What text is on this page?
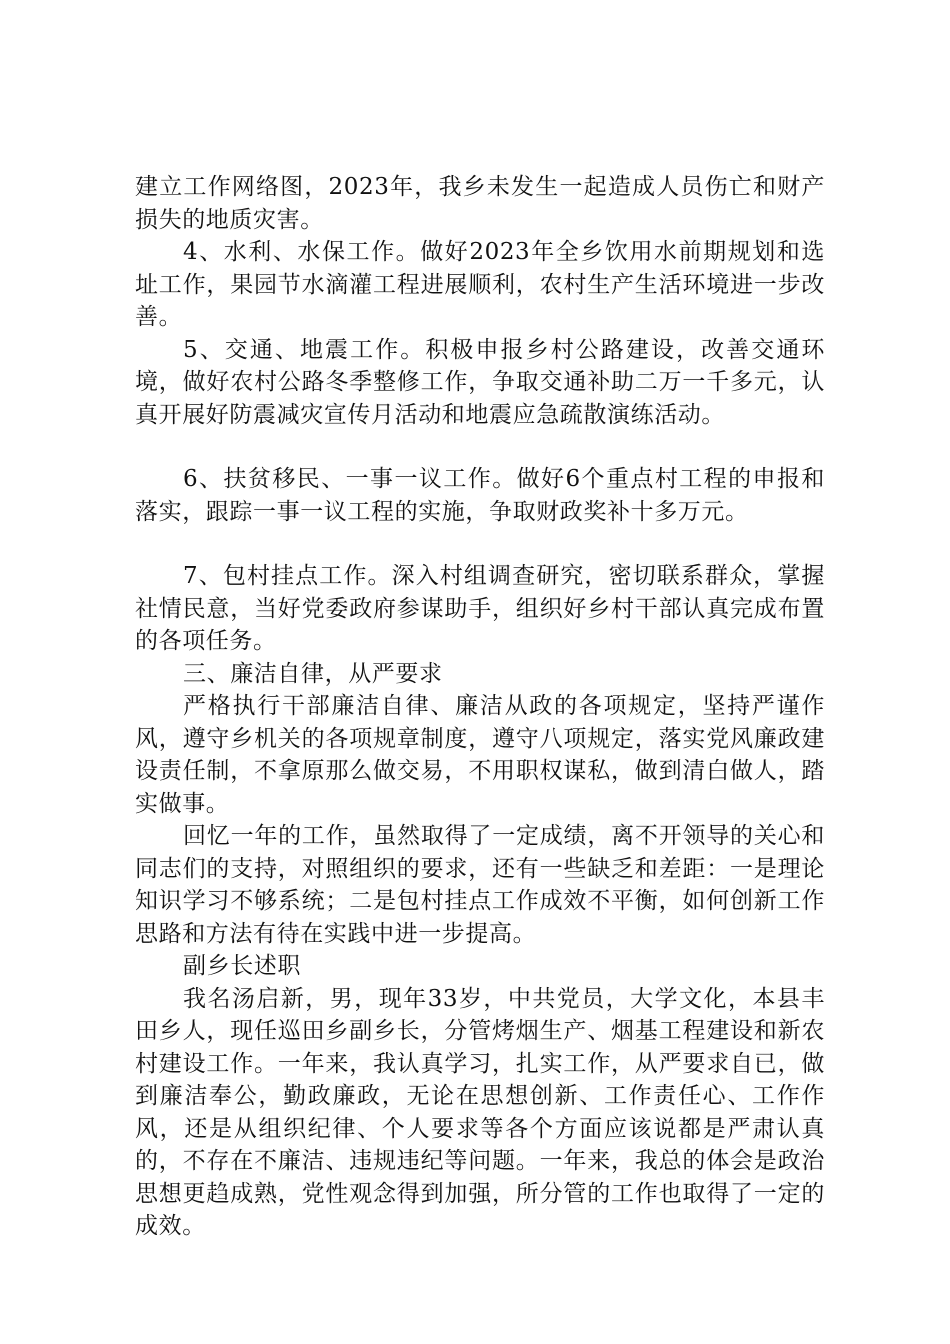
建立工作网络图，2023年，我乡未发生一起造成人员伤亡和财产损失的地质灾害。

4、水利、水保工作。做好2023年全乡饮用水前期规划和选址工作，果园节水滴灌工程进展顺利，农村生产生活环境进一步改善。

5、交通、地震工作。积极申报乡村公路建设，改善交通环境，做好农村公路冬季整修工作，争取交通补助二万一千多元，认真开展好防震减灾宣传月活动和地震应急疏散演练活动。

6、扶贫移民、一事一议工作。做好6个重点村工程的申报和落实，跟踪一事一议工程的实施，争取财政奖补十多万元。

7、包村挂点工作。深入村组调查研究，密切联系群众，掌握社情民意，当好党委政府参谋助手，组织好乡村干部认真完成布置的各项任务。

三、廉洁自律，从严要求

严格执行干部廉洁自律、廉洁从政的各项规定，坚持严谨作风，遵守乡机关的各项规章制度，遵守八项规定，落实党风廉政建设责任制，不拿原那么做交易，不用职权谋私，做到清白做人，踏实做事。

回忆一年的工作，虽然取得了一定成绩，离不开领导的关心和同志们的支持，对照组织的要求，还有一些缺乏和差距：一是理论知识学习不够系统；二是包村挂点工作成效不平衡，如何创新工作思路和方法有待在实践中进一步提高。

副乡长述职

我名汤启新，男，现年33岁，中共党员，大学文化，本县丰田乡人，现任巡田乡副乡长，分管烤烟生产、烟基工程建设和新农村建设工作。一年来，我认真学习，扎实工作，从严要求自已，做到廉洁奉公，勤政廉政，无论在思想创新、工作责任心、工作作风，还是从组织纪律、个人要求等各个方面应该说都是严肃认真的，不存在不廉洁、违规违纪等问题。一年来，我总的体会是政治思想更趋成熟，党性观念得到加强，所分管的工作也取得了一定的成效。
